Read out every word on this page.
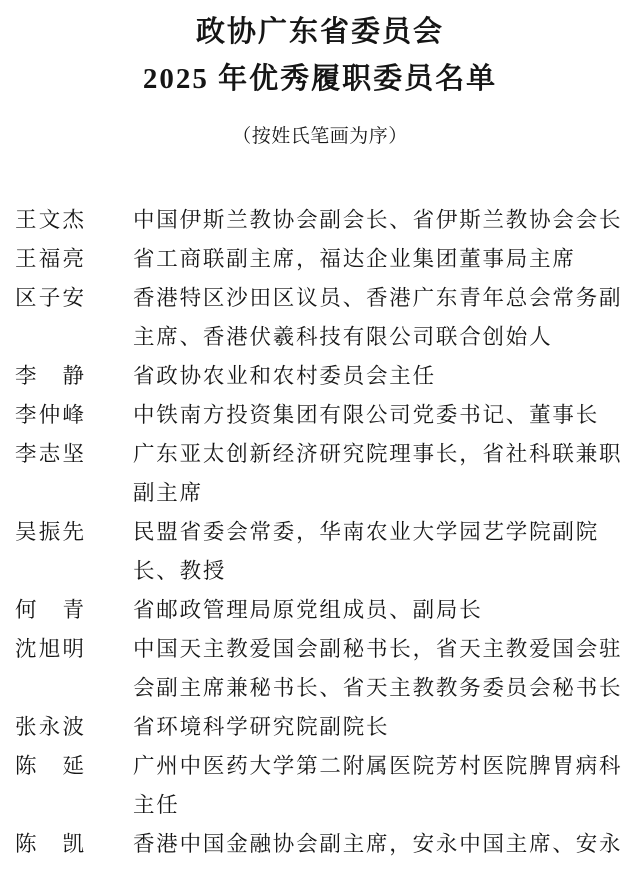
政协广东省委员会
2025 年优秀履职委员名单
（按姓氏笔画为序）
王 文 杰 中国伊斯兰教协会副会长、省伊斯兰教协会会长
王 福 亮 省工商联副主席，福达企业集团董事局主席
区 子 安 香港特区沙田区议员、香港广东青年总会常务副主席、香港伏羲科技有限公司联合创始人
李 静 省政协农业和农村委员会主任
李 仲 峰 中铁南方投资集团有限公司党委书记、董事长
李 志 坚 广东亚太创新经济研究院理事长，省社科联兼职副主席
吴 振 先 民盟省委会常委，华南农业大学园艺学院副院长、教授
何 青 省邮政管理局原党组成员、副局长
沈 旭 明 中国天主教爱国会副秘书长，省天主教爱国会驻会副主席兼秘书长、省天主教教务委员会秘书长
张 永 波 省环境科学研究院副院长
陈 延 广州中医药大学第二附属医院芳村医院脾胃病科主任
陈 凯 香港中国金融协会副主席，安永中国主席、安永
